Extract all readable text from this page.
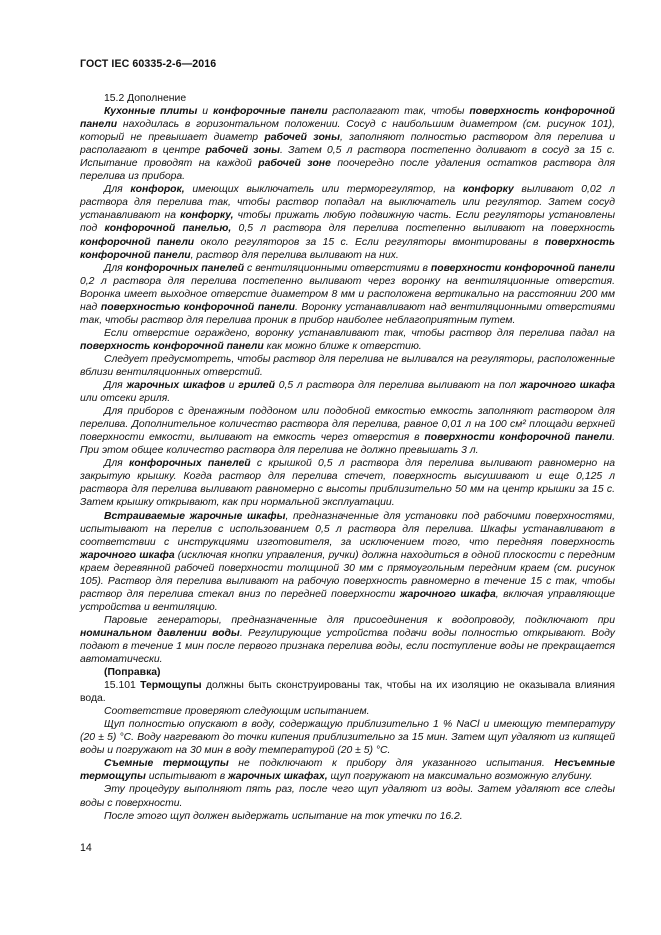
ГОСТ IEC 60335-2-6—2016

15.2 Дополнение

Кухонные плиты и конфорочные панели располагают так, чтобы поверхность конфорочной панели находилась в горизонтальном положении. Сосуд с наибольшим диаметром (см. рисунок 101), который не превышает диаметр рабочей зоны, заполняют полностью раствором для перелива и располагают в центре рабочей зоны. Затем 0,5 л раствора постепенно доливают в сосуд за 15 с. Испытание проводят на каждой рабочей зоне поочередно после удаления остатков раствора для перелива из прибора.

Для конфорок, имеющих выключатель или терморегулятор, на конфорку выливают 0,02 л раствора для перелива так, чтобы раствор попадал на выключатель или регулятор. Затем сосуд устанавливают на конфорку, чтобы прижать любую подвижную часть. Если регуляторы установлены под конфорочной панелью, 0,5 л раствора для перелива постепенно выливают на поверхность конфорочной панели около регуляторов за 15 с. Если регуляторы вмонтированы в поверхность конфорочной панели, раствор для перелива выливают на них.

Для конфорочных панелей с вентиляционными отверстиями в поверхности конфорочной панели 0,2 л раствора для перелива постепенно выливают через воронку на вентиляционные отверстия. Воронка имеет выходное отверстие диаметром 8 мм и расположена вертикально на расстоянии 200 мм над поверхностью конфорочной панели. Воронку устанавливают над вентиляционными отверстиями так, чтобы раствор для перелива проник в прибор наиболее неблагоприятным путем.

Если отверстие ограждено, воронку устанавливают так, чтобы раствор для перелива падал на поверхность конфорочной панели как можно ближе к отверстию.

Следует предусмотреть, чтобы раствор для перелива не выливался на регуляторы, расположенные вблизи вентиляционных отверстий.

Для жарочных шкафов и грилей 0,5 л раствора для перелива выливают на пол жарочного шкафа или отсеки гриля.

Для приборов с дренажным поддоном или подобной емкостью емкость заполняют раствором для перелива. Дополнительное количество раствора для перелива, равное 0,01 л на 100 см² площади верхней поверхности емкости, выливают на емкость через отверстия в поверхности конфорочной панели. При этом общее количество раствора для перелива не должно превышать 3 л.

Для конфорочных панелей с крышкой 0,5 л раствора для перелива выливают равномерно на закрытую крышку. Когда раствор для перелива стечет, поверхность высушивают и еще 0,125 л раствора для перелива выливают равномерно с высоты приблизительно 50 мм на центр крышки за 15 с. Затем крышку открывают, как при нормальной эксплуатации.

Встраиваемые жарочные шкафы, предназначенные для установки под рабочими поверхностями, испытывают на перелив с использованием 0,5 л раствора для перелива. Шкафы устанавливают в соответствии с инструкциями изготовителя, за исключением того, что передняя поверхность жарочного шкафа (исключая кнопки управления, ручки) должна находиться в одной плоскости с передним краем деревянной рабочей поверхности толщиной 30 мм с прямоугольным передним краем (см. рисунок 105). Раствор для перелива выливают на рабочую поверхность равномерно в течение 15 с так, чтобы раствор для перелива стекал вниз по передней поверхности жарочного шкафа, включая управляющие устройства и вентиляцию.

Паровые генераторы, предназначенные для присоединения к водопроводу, подключают при номинальном давлении воды. Регулирующие устройства подачи воды полностью открывают. Воду подают в течение 1 мин после первого признака перелива воды, если поступление воды не прекращается автоматически.

(Поправка)

15.101 Термощупы должны быть сконструированы так, чтобы на их изоляцию не оказывала влияния вода.

Соответствие проверяют следующим испытанием.

Щуп полностью опускают в воду, содержащую приблизительно 1 % NaCl и имеющую температуру (20 ± 5) °С. Воду нагревают до точки кипения приблизительно за 15 мин. Затем щуп удаляют из кипящей воды и погружают на 30 мин в воду температурой (20 ± 5) °С.

Съемные термощупы не подключают к прибору для указанного испытания. Несъемные термощупы испытывают в жарочных шкафах, щуп погружают на максимально возможную глубину.

Эту процедуру выполняют пять раз, после чего щуп удаляют из воды. Затем удаляют все следы воды с поверхности.

После этого щуп должен выдержать испытание на ток утечки по 16.2.

14
